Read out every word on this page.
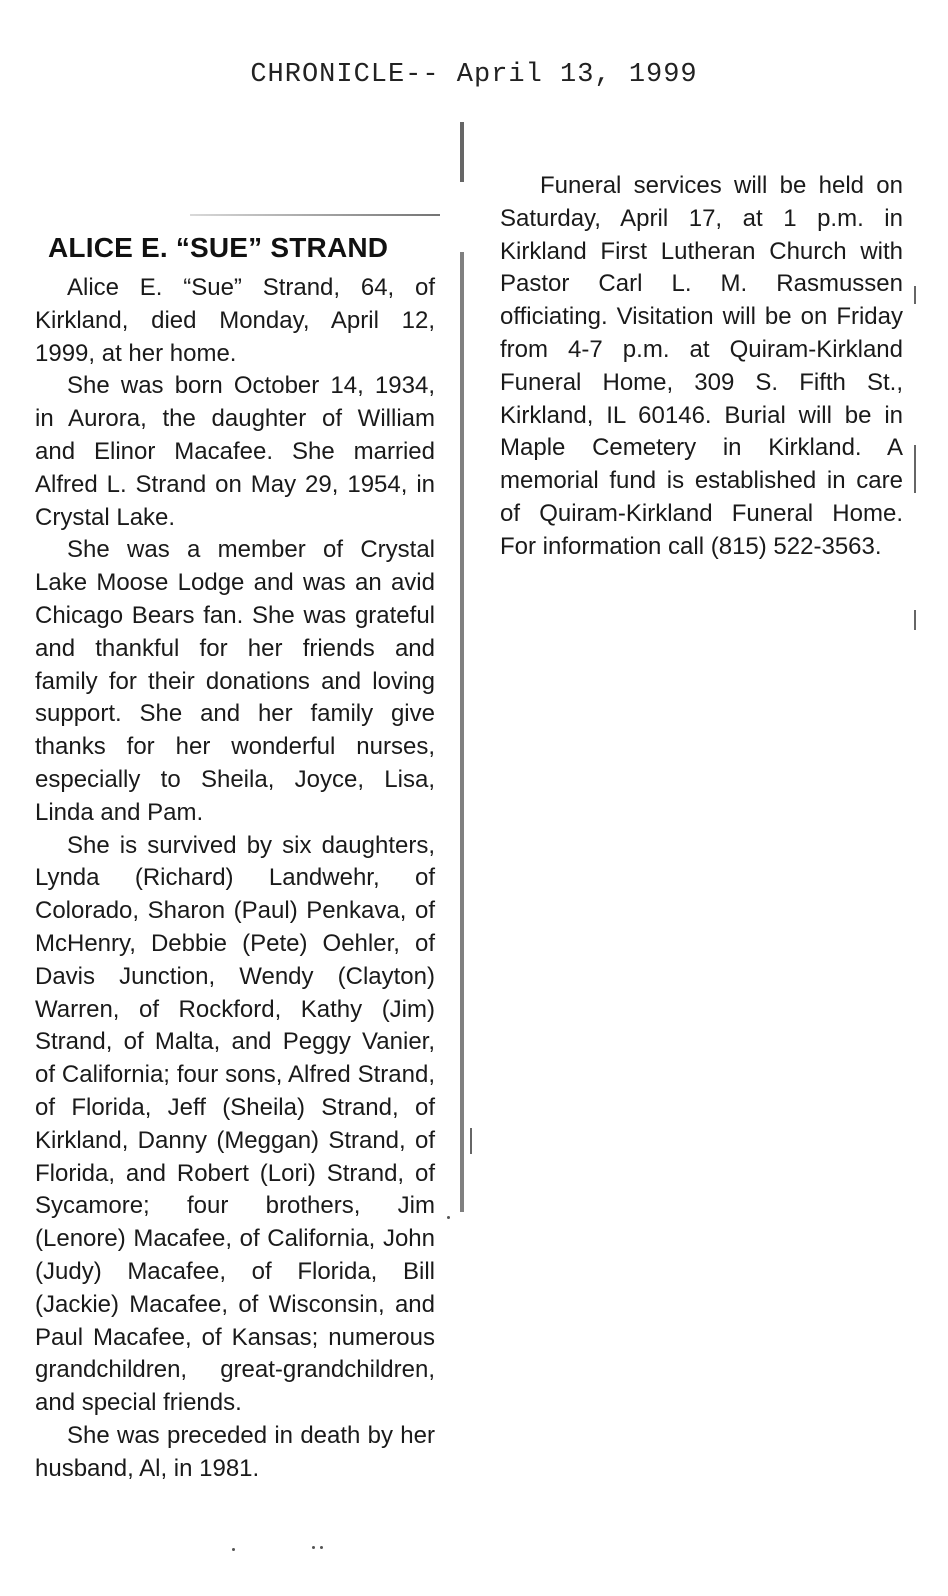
CHRONICLE-- April 13, 1999
ALICE E. “SUE” STRAND

Alice E. “Sue” Strand, 64, of Kirkland, died Monday, April 12, 1999, at her home.

She was born October 14, 1934, in Aurora, the daughter of William and Elinor Macafee. She married Alfred L. Strand on May 29, 1954, in Crystal Lake.

She was a member of Crystal Lake Moose Lodge and was an avid Chicago Bears fan. She was grateful and thankful for her friends and family for their donations and loving support. She and her family give thanks for her wonderful nurses, especially to Sheila, Joyce, Lisa, Linda and Pam.

She is survived by six daughters, Lynda (Richard) Landwehr, of Colorado, Sharon (Paul) Penkava, of McHenry, Debbie (Pete) Oehler, of Davis Junction, Wendy (Clayton) Warren, of Rockford, Kathy (Jim) Strand, of Malta, and Peggy Vanier, of California; four sons, Alfred Strand, of Florida, Jeff (Sheila) Strand, of Kirkland, Danny (Meggan) Strand, of Florida, and Robert (Lori) Strand, of Sycamore; four brothers, Jim (Lenore) Macafee, of California, John (Judy) Macafee, of Florida, Bill (Jackie) Macafee, of Wisconsin, and Paul Macafee, of Kansas; numerous grandchildren, great-grandchildren, and special friends.

She was preceded in death by her husband, Al, in 1981.

Funeral services will be held on Saturday, April 17, at 1 p.m. in Kirkland First Lutheran Church with Pastor Carl L. M. Rasmussen officiating. Visitation will be on Friday from 4-7 p.m. at Quiram-Kirkland Funeral Home, 309 S. Fifth St., Kirkland, IL 60146. Burial will be in Maple Cemetery in Kirkland. A memorial fund is established in care of Quiram-Kirkland Funeral Home. For information call (815) 522-3563.
